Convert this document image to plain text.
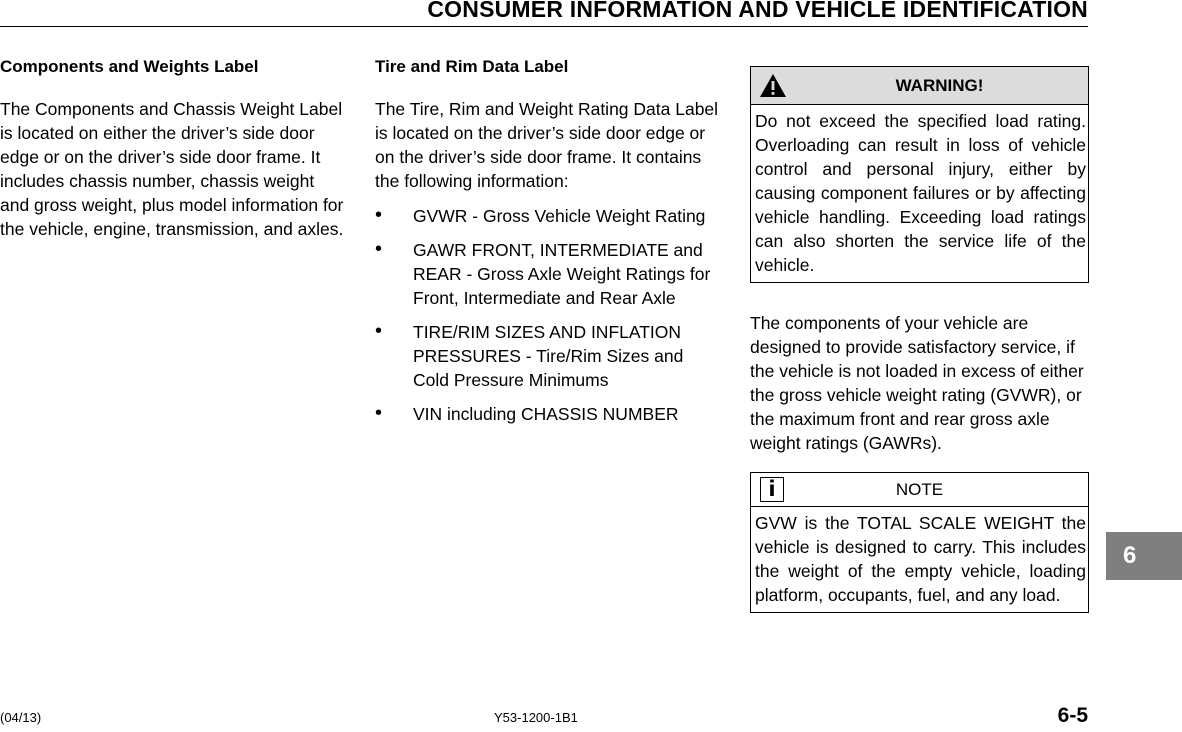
CONSUMER INFORMATION AND VEHICLE IDENTIFICATION
Components and Weights Label

The Components and Chassis Weight Label is located on either the driver’s side door edge or on the driver’s side door frame. It includes chassis number, chassis weight and gross weight, plus model information for the vehicle, engine, transmission, and axles.

Tire and Rim Data Label

The Tire, Rim and Weight Rating Data Label is located on the driver’s side door edge or on the driver’s side door frame. It contains the following information:

• GVWR - Gross Vehicle Weight Rating
• GAWR FRONT, INTERMEDIATE and REAR - Gross Axle Weight Ratings for Front, Intermediate and Rear Axle
• TIRE/RIM SIZES AND INFLATION PRESSURES - Tire/Rim Sizes and Cold Pressure Minimums
• VIN including CHASSIS NUMBER
WARNING!
Do not exceed the specified load rating. Overloading can result in loss of vehicle control and personal injury, either by causing component failures or by affecting vehicle handling. Exceeding load ratings can also shorten the service life of the vehicle.

The components of your vehicle are designed to provide satisfactory service, if the vehicle is not loaded in excess of either the gross vehicle weight rating (GVWR), or the maximum front and rear gross axle weight ratings (GAWRs).

i	NOTE
GVW is the TOTAL SCALE WEIGHT the vehicle is designed to carry. This includes the weight of the empty vehicle, loading platform, occupants, fuel, and any load.
6
(04/13)	Y53-1200-1B1	6-5
